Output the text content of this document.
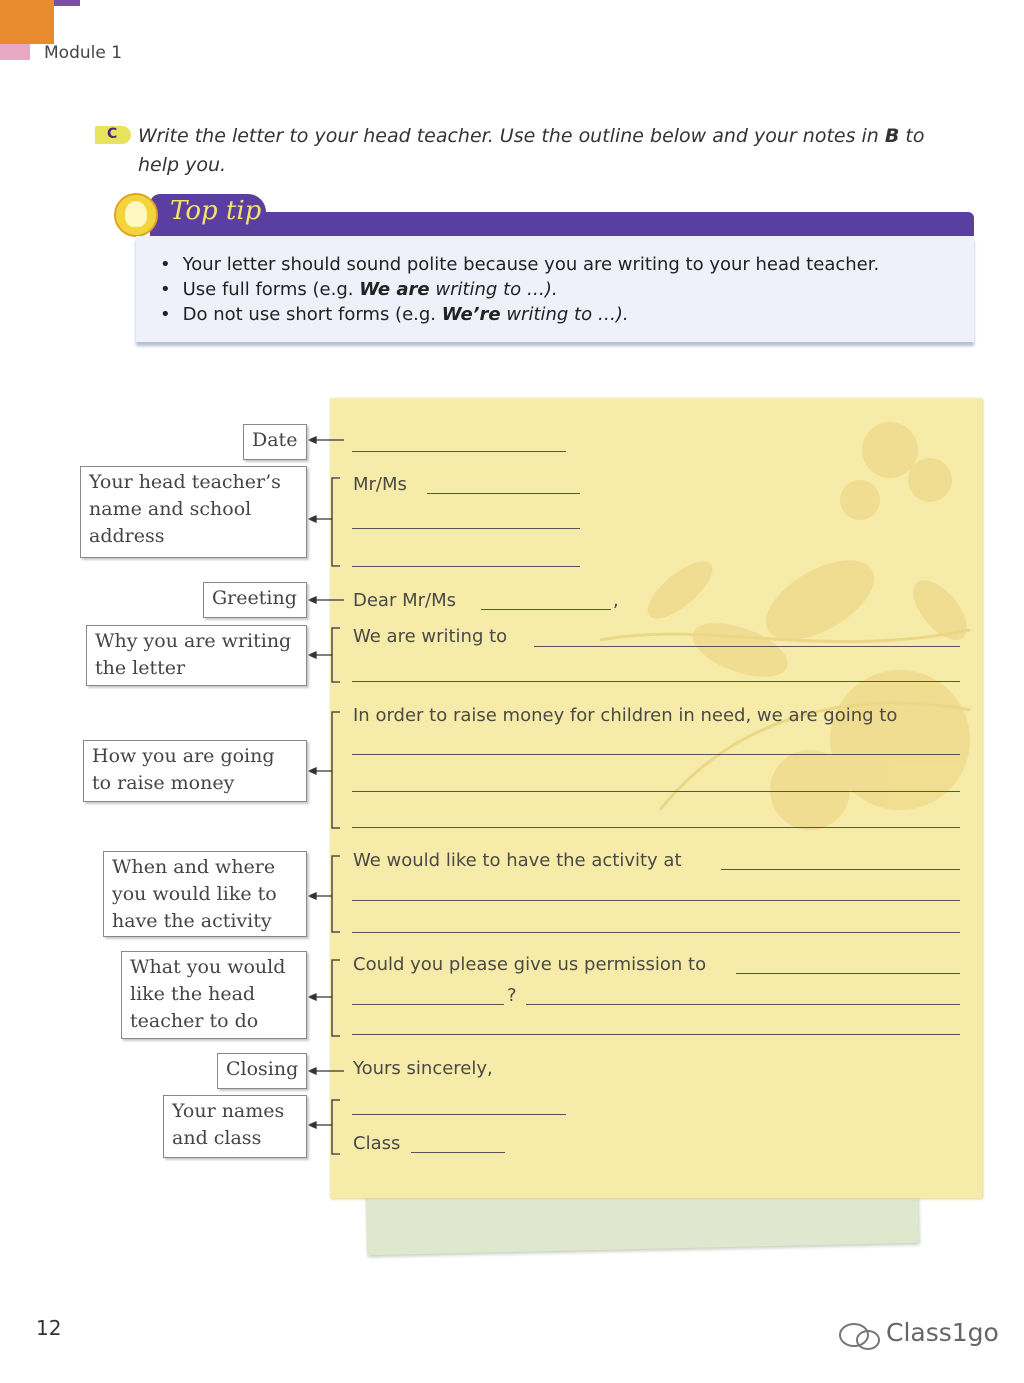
Module 1
C Write the letter to your head teacher. Use the outline below and your notes in B to help you.
Top tip
• Your letter should sound polite because you are writing to your head teacher.
• Use full forms (e.g. We are writing to …).
• Do not use short forms (e.g. We’re writing to …).
Date
Your head teacher’s name and school address
Greeting
Why you are writing the letter
How you are going to raise money
When and where you would like to have the activity
What you would like the head teacher to do
Closing
Your names and class
Mr/Ms
Dear Mr/Ms	,
We are writing to
In order to raise money for children in need, we are going to
We would like to have the activity at
Could you please give us permission to
?
Yours sincerely,
Class
12	Class1go
